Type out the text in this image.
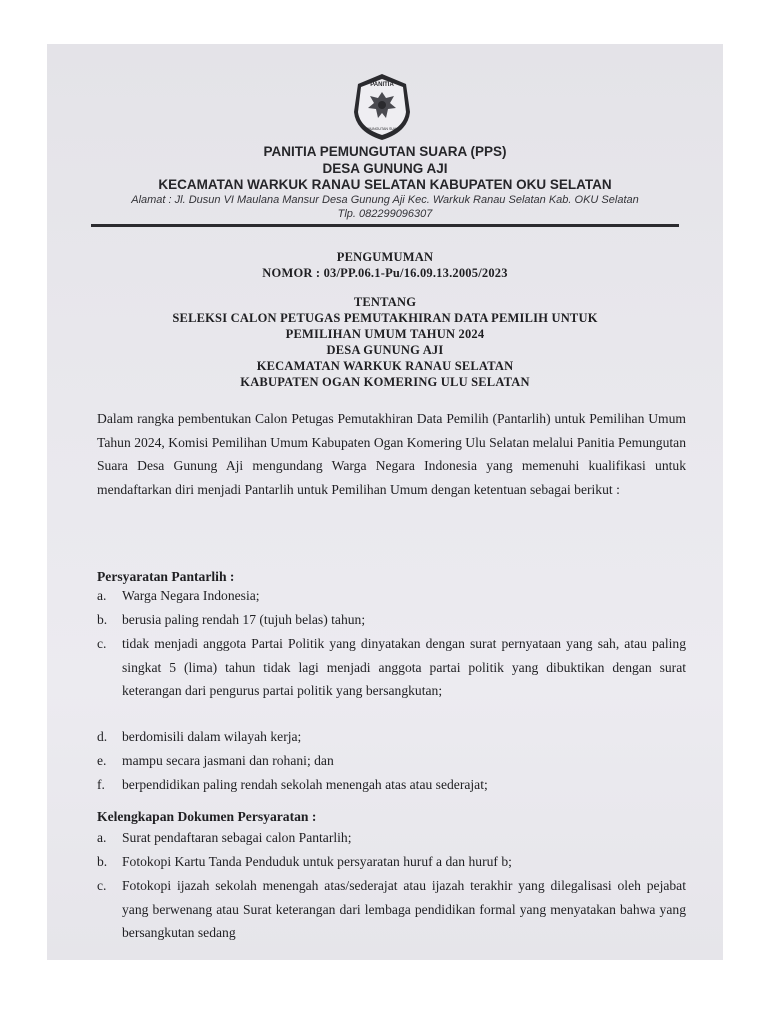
PANITIA
PEMUNGUTAN SUARA
PANITIA PEMUNGUTAN SUARA (PPS)
DESA GUNUNG AJI
KECAMATAN WARKUK RANAU SELATAN KABUPATEN OKU SELATAN
Alamat : Jl. Dusun VI Maulana Mansur Desa Gunung Aji Kec. Warkuk Ranau Selatan Kab. OKU Selatan
Tlp. 082299096307
PENGUMUMAN
NOMOR : 03/PP.06.1-Pu/16.09.13.2005/2023
TENTANG
SELEKSI CALON PETUGAS PEMUTAKHIRAN DATA PEMILIH UNTUK
PEMILIHAN UMUM TAHUN 2024
DESA GUNUNG AJI
KECAMATAN WARKUK RANAU SELATAN
KABUPATEN OGAN KOMERING ULU SELATAN
Dalam rangka pembentukan Calon Petugas Pemutakhiran Data Pemilih (Pantarlih) untuk Pemilihan Umum Tahun 2024, Komisi Pemilihan Umum Kabupaten Ogan Komering Ulu Selatan melalui Panitia Pemungutan Suara Desa Gunung Aji mengundang Warga Negara Indonesia yang memenuhi kualifikasi untuk mendaftarkan diri menjadi Pantarlih untuk Pemilihan Umum dengan ketentuan sebagai berikut :
Persyaratan Pantarlih :
a.	Warga Negara Indonesia;
b.	berusia paling rendah 17 (tujuh belas) tahun;
c.	tidak menjadi anggota Partai Politik yang dinyatakan dengan surat pernyataan yang sah, atau paling singkat 5 (lima) tahun tidak lagi menjadi anggota partai politik yang dibuktikan dengan surat keterangan dari pengurus partai politik yang bersangkutan;
d.	berdomisili dalam wilayah kerja;
e.	mampu secara jasmani dan rohani; dan
f.	berpendidikan paling rendah sekolah menengah atas atau sederajat;
Kelengkapan Dokumen Persyaratan :
a.	Surat pendaftaran sebagai calon Pantarlih;
b.	Fotokopi Kartu Tanda Penduduk untuk persyaratan huruf a dan huruf b;
c.	Fotokopi ijazah sekolah menengah atas/sederajat atau ijazah terakhir yang dilegalisasi oleh pejabat yang berwenang atau Surat keterangan dari lembaga pendidikan formal yang menyatakan bahwa yang bersangkutan sedang
